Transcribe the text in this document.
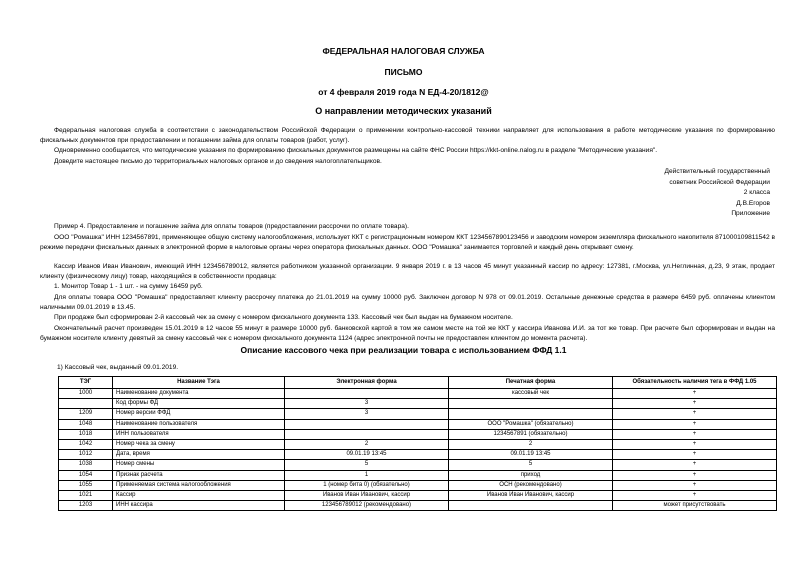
ФЕДЕРАЛЬНАЯ НАЛОГОВАЯ СЛУЖБА
ПИСЬМО
от 4 февраля 2019 года N ЕД-4-20/1812@
О направлении методических указаний
Федеральная налоговая служба в соответствии с законодательством Российской Федерации о применении контрольно-кассовой техники направляет для использования в работе методические указания по формированию фискальных документов при предоставлении и погашении займа для оплаты товаров (работ, услуг).
Одновременно сообщается, что методические указания по формированию фискальных документов размещены на сайте ФНС России https://kkt-online.nalog.ru в разделе "Методические указания".
Доведите настоящее письмо до территориальных налоговых органов и до сведения налогоплательщиков.
Действительный государственный
советник Российской Федерации
2 класса
Д.В.Егоров
Приложение
Пример 4. Предоставление и погашение займа для оплаты товаров (предоставлении рассрочки по оплате товара).
ООО "Ромашка" ИНН 1234567891, применяющее общую систему налогообложения, использует ККТ с регистрационным номером ККТ 1234567890123456 и заводским номером экземпляра фискального накопителя 871000109811542 в режиме передачи фискальных данных в электронной форме в налоговые органы через оператора фискальных данных. ООО "Ромашка" занимается торговлей и каждый день открывает смену.
Кассир Иванов Иван Иванович, имеющий ИНН 123456789012, является работником указанной организации. 9 января 2019 г. в 13 часов 45 минут указанный кассир по адресу: 127381, г.Москва, ул.Неглинная, д.23, 9 этаж, продает клиенту (физическому лицу) товар, находящийся в собственности продавца:
1. Монитор Товар 1 - 1 шт. - на сумму 16459 руб.
Для оплаты товара ООО "Ромашка" предоставляет клиенту рассрочку платежа до 21.01.2019 на сумму 10000 руб. Заключен договор N 978 от 09.01.2019. Остальные денежные средства в размере 6459 руб. оплачены клиентом наличными 09.01.2019 в 13.45.
При продаже был сформирован 2-й кассовый чек за смену с номером фискального документа 133. Кассовый чек был выдан на бумажном носителе.
Окончательный расчет произведен 15.01.2019 в 12 часов 55 минут в размере 10000 руб. банковской картой в том же самом месте на той же ККТ у кассира Иванова И.И. за тот же товар. При расчете был сформирован и выдан на бумажном носителе клиенту девятый за смену кассовый чек с номером фискального документа 1124 (адрес электронной почты не предоставлен клиентом до момента расчета).
Описание кассового чека при реализации товара с использованием ФФД 1.1
1) Кассовый чек, выданный 09.01.2019.
ТЭГ	Название Тэга	Электронная форма	Печатная форма	Обязательность наличия тега в ФФД 1.05
1000	Наименование документа		кассовый чек	+
	Код формы ФД	3		+
1209	Номер версии ФФД	3		+
1048	Наименование пользователя		ООО "Ромашка" (обязательно)	+
1018	ИНН пользователя		1234567891 (обязательно)	+
1042	Номер чека за смену	2	2	+
1012	Дата, время	09.01.19 13:45	09.01.19 13:45	+
1038	Номер смены	5	5	+
1054	Признак расчета	1	приход	+
1055	Применяемая система налогообложения	1 (номер бита 0) (обязательно)	ОСН (рекомендовано)	+
1021	Кассир	Иванов Иван Иванович, кассир	Иванов Иван Иванович, кассир	+
1203	ИНН кассира	123456789012 (рекомендовано)		может присутствовать
